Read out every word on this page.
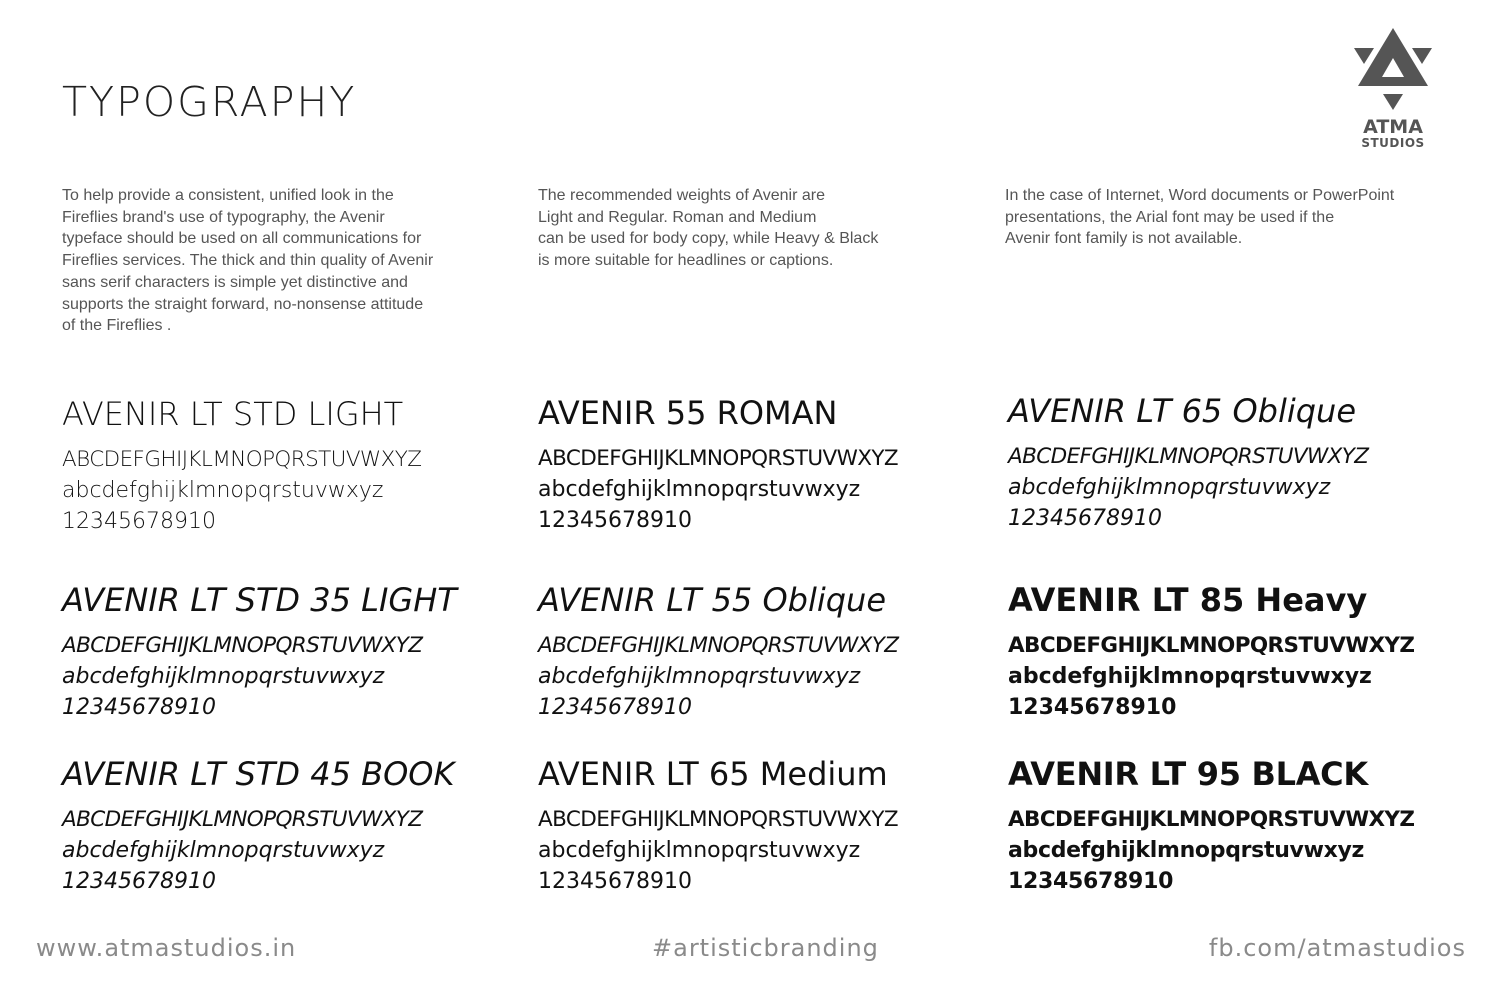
TYPOGRAPHY
ATMA
STUDIOS

To help provide a consistent, unified look in the
Fireflies brand's use of typography, the Avenir
typeface should be used on all communications for
Fireflies services. The thick and thin quality of Avenir
sans serif characters is simple yet distinctive and
supports the straight forward, no-nonsense attitude
of the Fireflies .

The recommended weights of Avenir are
Light and Regular. Roman and Medium
can be used for body copy, while Heavy & Black
is more suitable for headlines or captions.

In the case of Internet, Word documents or PowerPoint
presentations, the Arial font may be used if the
Avenir font family is not available.

AVENIR LT STD LIGHT
ABCDEFGHIJKLMNOPQRSTUVWXYZ
abcdefghijklmnopqrstuvwxyz
12345678910
AVENIR 55 ROMAN
ABCDEFGHIJKLMNOPQRSTUVWXYZ
abcdefghijklmnopqrstuvwxyz
12345678910
AVENIR LT 65 Oblique
ABCDEFGHIJKLMNOPQRSTUVWXYZ
abcdefghijklmnopqrstuvwxyz
12345678910
AVENIR LT STD 35 LIGHT
ABCDEFGHIJKLMNOPQRSTUVWXYZ
abcdefghijklmnopqrstuvwxyz
12345678910
AVENIR LT 55 Oblique
ABCDEFGHIJKLMNOPQRSTUVWXYZ
abcdefghijklmnopqrstuvwxyz
12345678910
AVENIR LT 85 Heavy
ABCDEFGHIJKLMNOPQRSTUVWXYZ
abcdefghijklmnopqrstuvwxyz
12345678910
AVENIR LT STD 45 BOOK
ABCDEFGHIJKLMNOPQRSTUVWXYZ
abcdefghijklmnopqrstuvwxyz
12345678910
AVENIR LT 65 Medium
ABCDEFGHIJKLMNOPQRSTUVWXYZ
abcdefghijklmnopqrstuvwxyz
12345678910
AVENIR LT 95 BLACK
ABCDEFGHIJKLMNOPQRSTUVWXYZ
abcdefghijklmnopqrstuvwxyz
12345678910
www.atmastudios.in	#artisticbranding	fb.com/atmastudios
